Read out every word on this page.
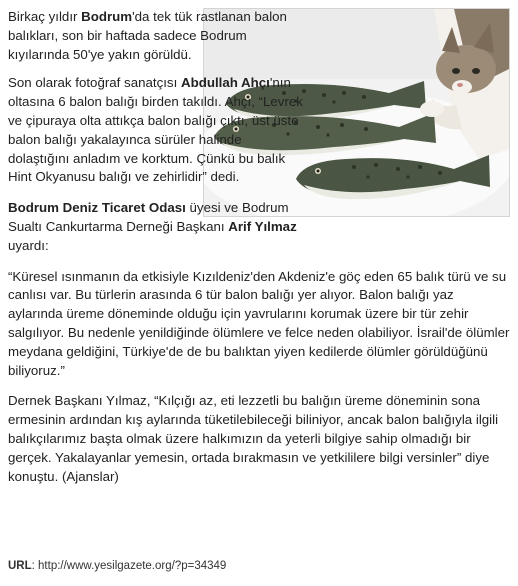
Birkaç yıldır Bodrum'da tek tük rastlanan balon balıkları, son bir haftada sadece Bodrum kıyılarında 50'ye yakın görüldü.

Son olarak fotoğraf sanatçısı Abdullah Ahçı'nın oltasına 6 balon balığı birden takıldı. Ahçı, “Levrek ve çipuraya olta attıkça balon balığı çıktı, üst üste balon balığı yakalayınca sürüler halinde dolaştığını anladım ve korktum. Çünkü bu balık Hint Okyanusu balığı ve zehirlidir” dedi.

Bodrum Deniz Ticaret Odası üyesi ve Bodrum Sualtı Cankurtarma Derneği Başkanı Arif Yılmaz uyardı:

“Küresel ısınmanın da etkisiyle Kızıldeniz'den Akdeniz'e göç eden 65 balık türü ve su canlısı var. Bu türlerin arasında 6 tür balon balığı yer alıyor. Balon balığı yaz aylarında üreme döneminde olduğu için yavrularını korumak üzere bir tür zehir salgılıyor. Bu nedenle yenildiğinde ölümlere ve felce neden olabiliyor. İsrail'de ölümler meydana geldiğini, Türkiye'de de bu balıktan yiyen kedilerde ölümler görüldüğünü biliyoruz.”

Dernek Başkanı Yılmaz, “Kılçığı az, eti lezzetli bu balığın üreme döneminin sona ermesinin ardından kış aylarında tüketilebileceği biliniyor, ancak balon balığıyla ilgili balıkçılarımız başta olmak üzere halkımızın da yeterli bilgiye sahip olmadığı bir gerçek. Yakalayanlar yemesin, ortada bırakmasın ve yetkililere bilgi versinler” diye konuştu. (Ajanslar)

URL: http://www.yesilgazete.org/?p=34349
